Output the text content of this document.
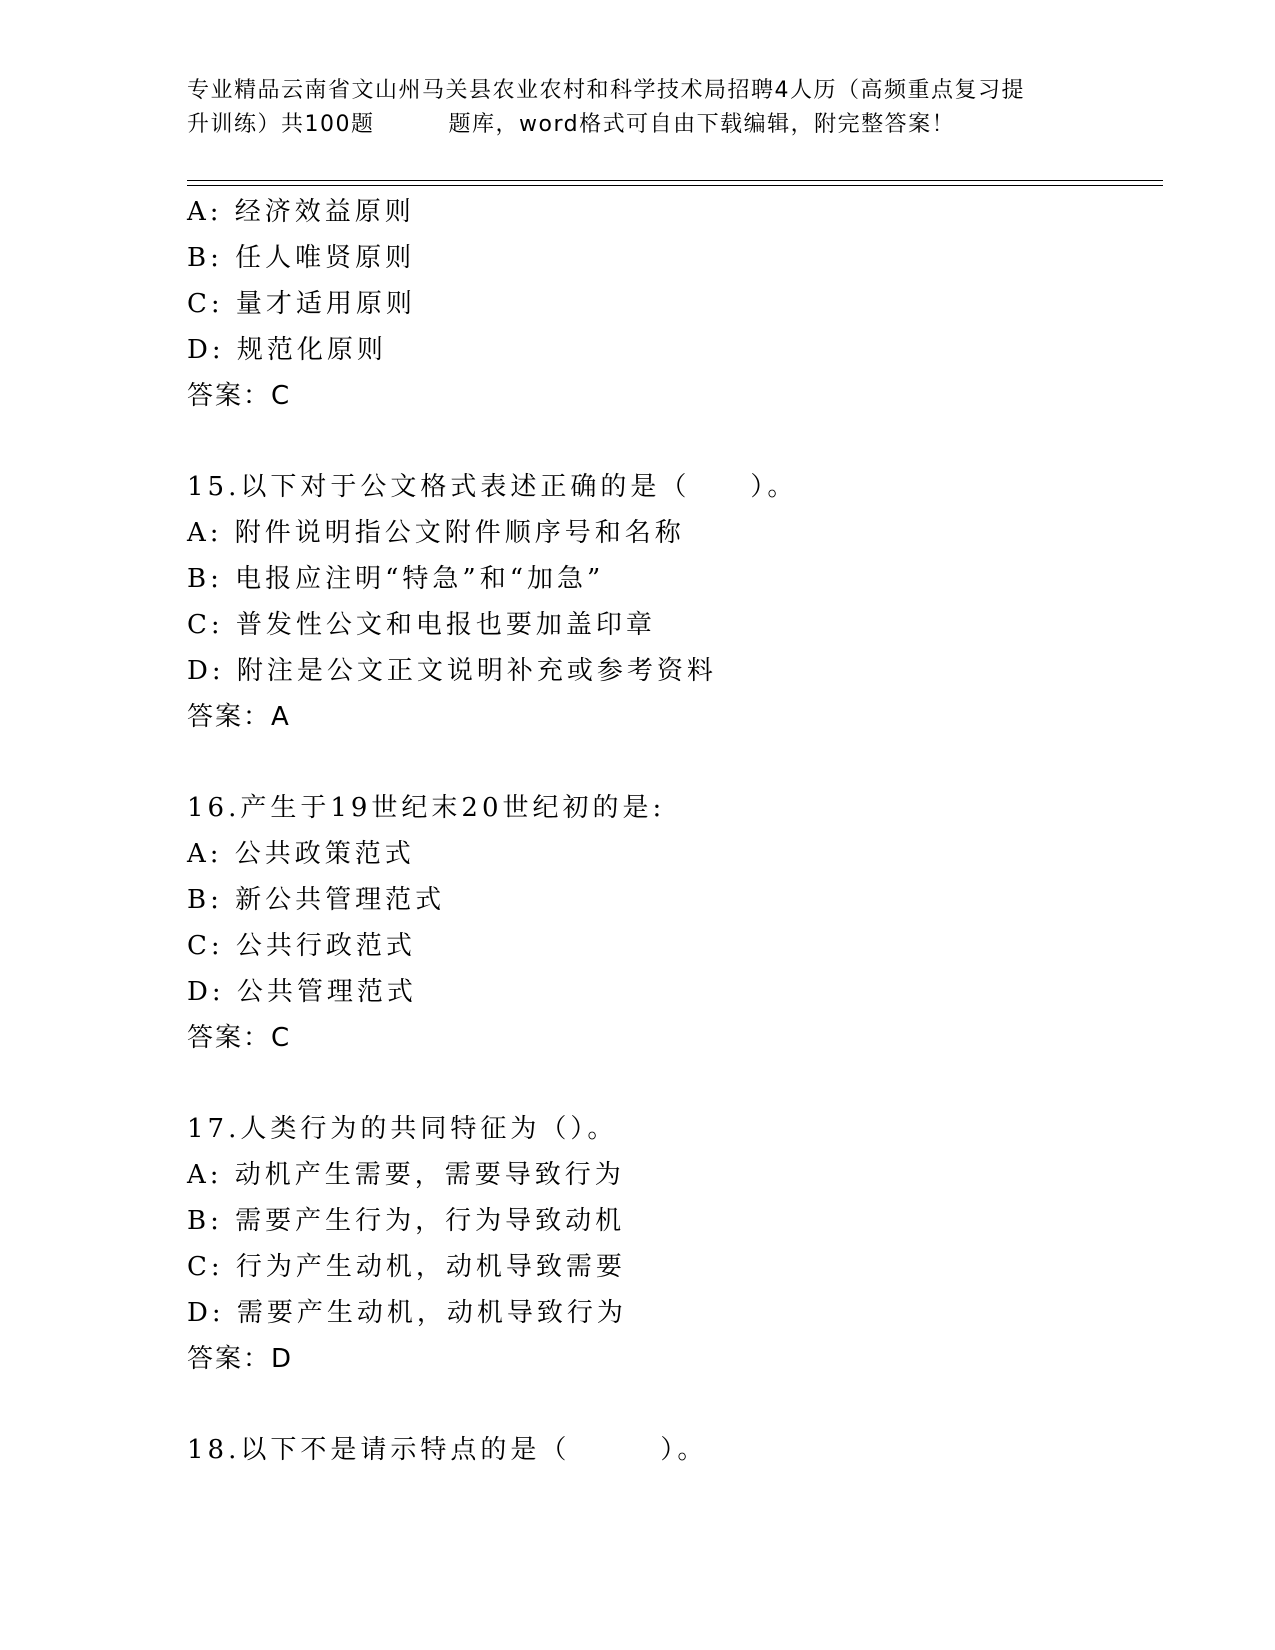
专业精品云南省文山州马关县农业农村和科学技术局招聘4人历（高频重点复习提
升训练）共100题	题库，word格式可自由下载编辑，附完整答案！
A: 经济效益原则
B: 任人唯贤原则
C: 量才适用原则
D: 规范化原则
答案：C
15.以下对于公文格式表述正确的是（　　）。
A: 附件说明指公文附件顺序号和名称
B: 电报应注明“特急”和“加急”
C: 普发性公文和电报也要加盖印章
D: 附注是公文正文说明补充或参考资料
答案：A
16.产生于19世纪末20世纪初的是:
A: 公共政策范式
B: 新公共管理范式
C: 公共行政范式
D: 公共管理范式
答案：C
17.人类行为的共同特征为（）。
A: 动机产生需要，需要导致行为
B: 需要产生行为，行为导致动机
C: 行为产生动机，动机导致需要
D: 需要产生动机，动机导致行为
答案：D
18.以下不是请示特点的是（　　　）。
